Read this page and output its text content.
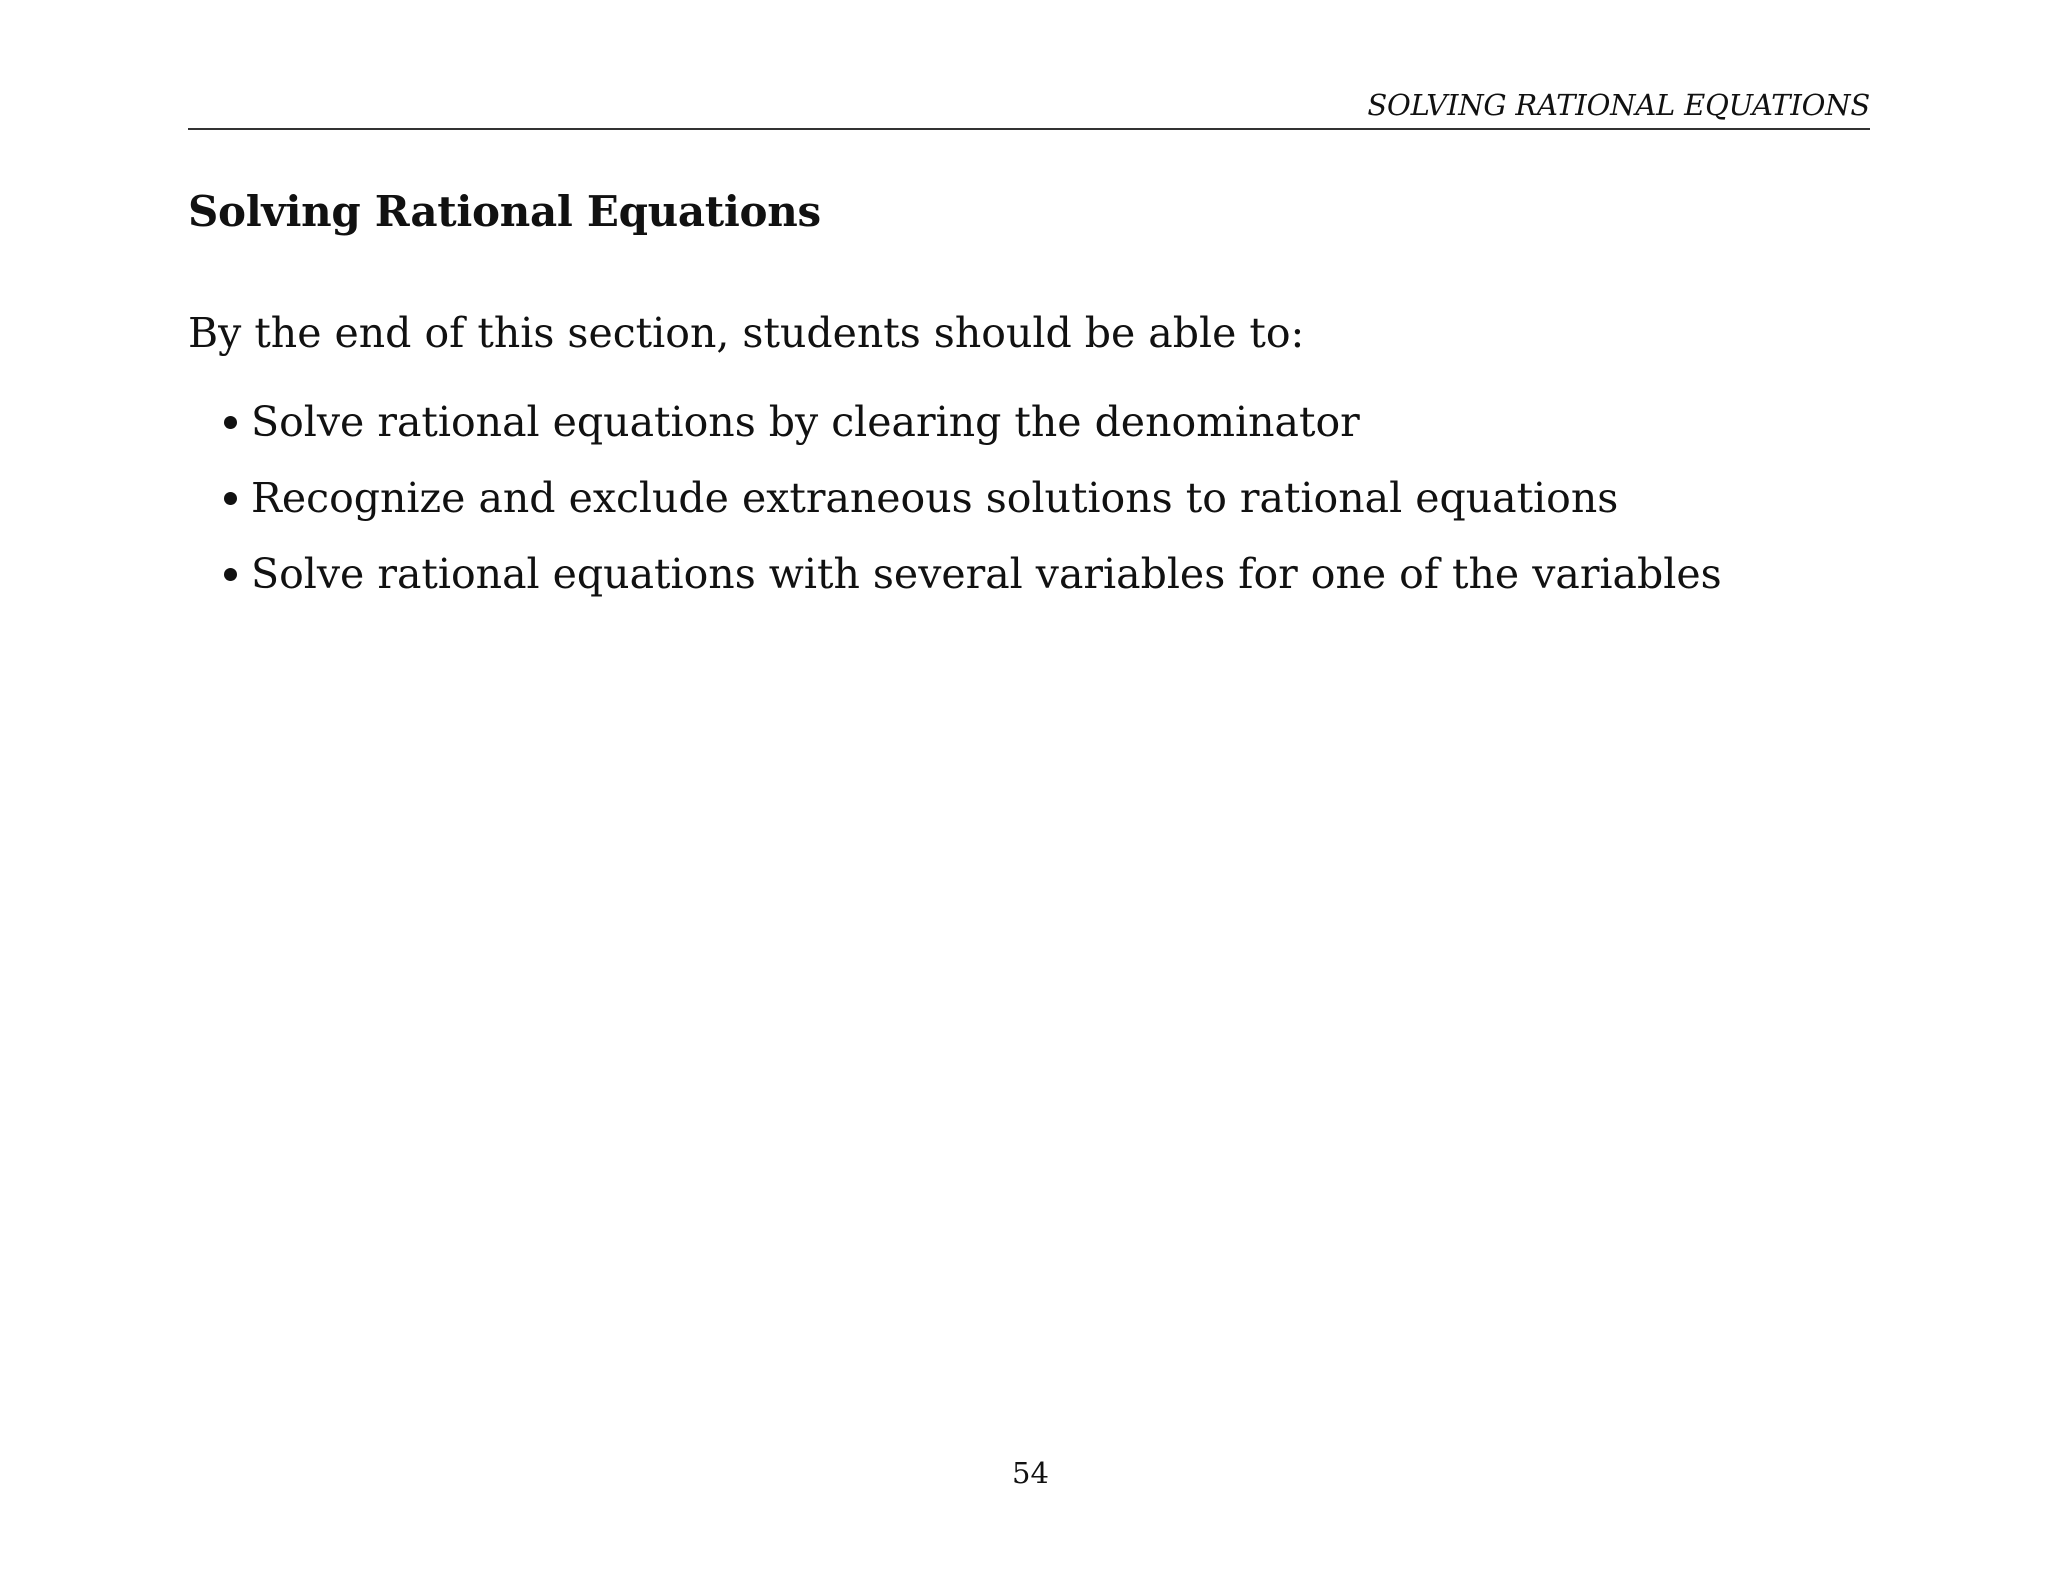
SOLVING RATIONAL EQUATIONS
Solving Rational Equations

By the end of this section, students should be able to:

Solve rational equations by clearing the denominator
Recognize and exclude extraneous solutions to rational equations
Solve rational equations with several variables for one of the variables
54
